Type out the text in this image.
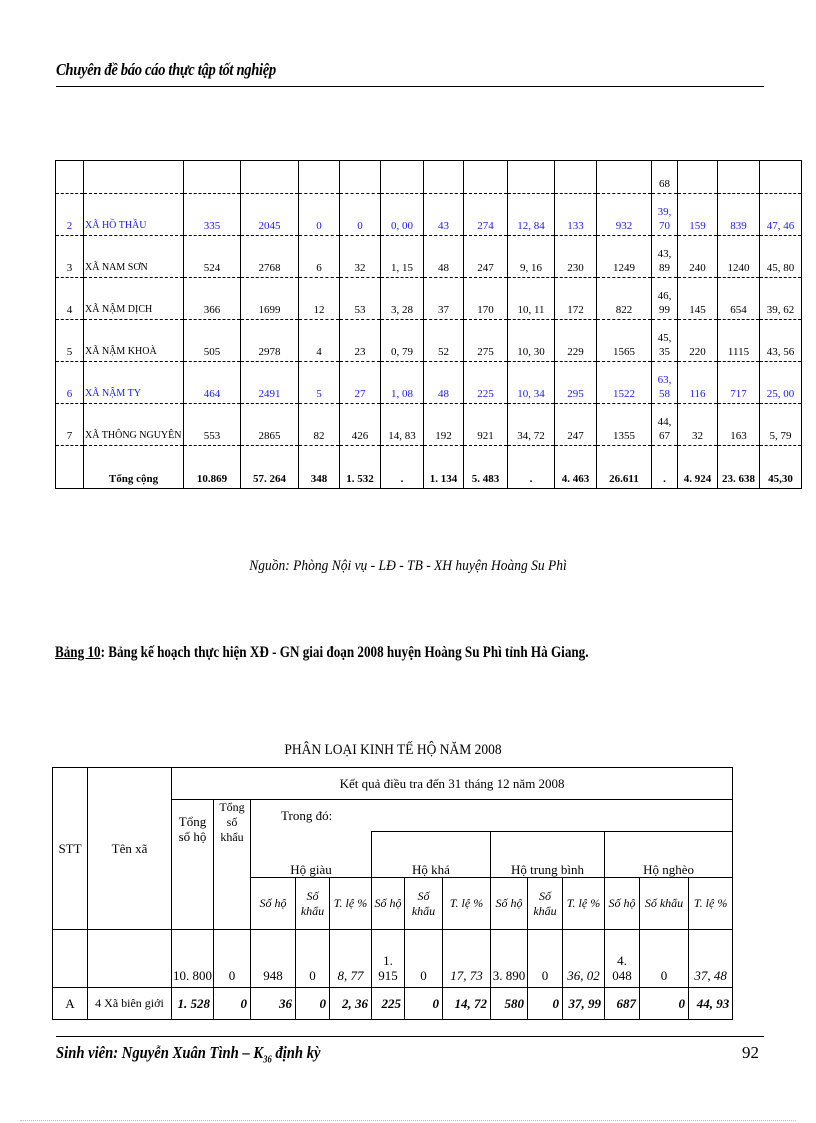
Chuyên đề báo cáo thực tập tốt nghiệp
												68			
2	XÃ HỒ THẦU	335	2045	0	0	0, 00	43	274	12, 84	133	932	39, 70	159	839	47, 46
3	XÃ NAM SƠN	524	2768	6	32	1, 15	48	247	9, 16	230	1249	43, 89	240	1240	45, 80
4	XÃ NẬM DỊCH	366	1699	12	53	3, 28	37	170	10, 11	172	822	46, 99	145	654	39, 62
5	XÃ NẬM KHOÀ	505	2978	4	23	0, 79	52	275	10, 30	229	1565	45, 35	220	1115	43, 56
6	XÃ NẬM TY	464	2491	5	27	1, 08	48	225	10, 34	295	1522	63, 58	116	717	25, 00
7	XÃ THÔNG NGUYÊN	553	2865	82	426	14, 83	192	921	34, 72	247	1355	44, 67	32	163	5, 79
	Tổng cộng	10.869	57. 264	348	1. 532	.	1. 134	5. 483	.	4. 463	26.611	.	4. 924	23. 638	45,30
Nguồn: Phòng Nội vụ - LĐ - TB - XH huyện Hoàng Su Phì
Bảng 10: Bảng kế hoạch thực hiện XĐ - GN giai đoạn 2008 huyện Hoàng Su Phì tỉnh Hà Giang.
PHÂN LOẠI KINH TẾ HỘ NĂM 2008
STT	Tên xã	Kết quả điều tra đến 31 tháng 12 năm 2008													
		Tổng số hộ	Tổng số khẩu	Trong đó:											
				Hộ giàu			Hộ khá			Hộ trung bình			Hộ nghèo		
				Số hộ	Số khẩu	T. lệ %	Số hộ	Số khẩu	T. lệ %	Số hộ	Số khẩu	T. lệ %	Số hộ	Số khẩu	T. lệ %
		10. 800	0	948	0	8, 77	1. 915	0	17, 73	3. 890	0	36, 02	4. 048	0	37, 48
A	4 Xã biên giới	1. 528	0	36	0	2, 36	225	0	14, 72	580	0	37, 99	687	0	44, 93
Sinh viên: Nguyễn Xuân Tình – $K_{36}$ định kỳ	92
